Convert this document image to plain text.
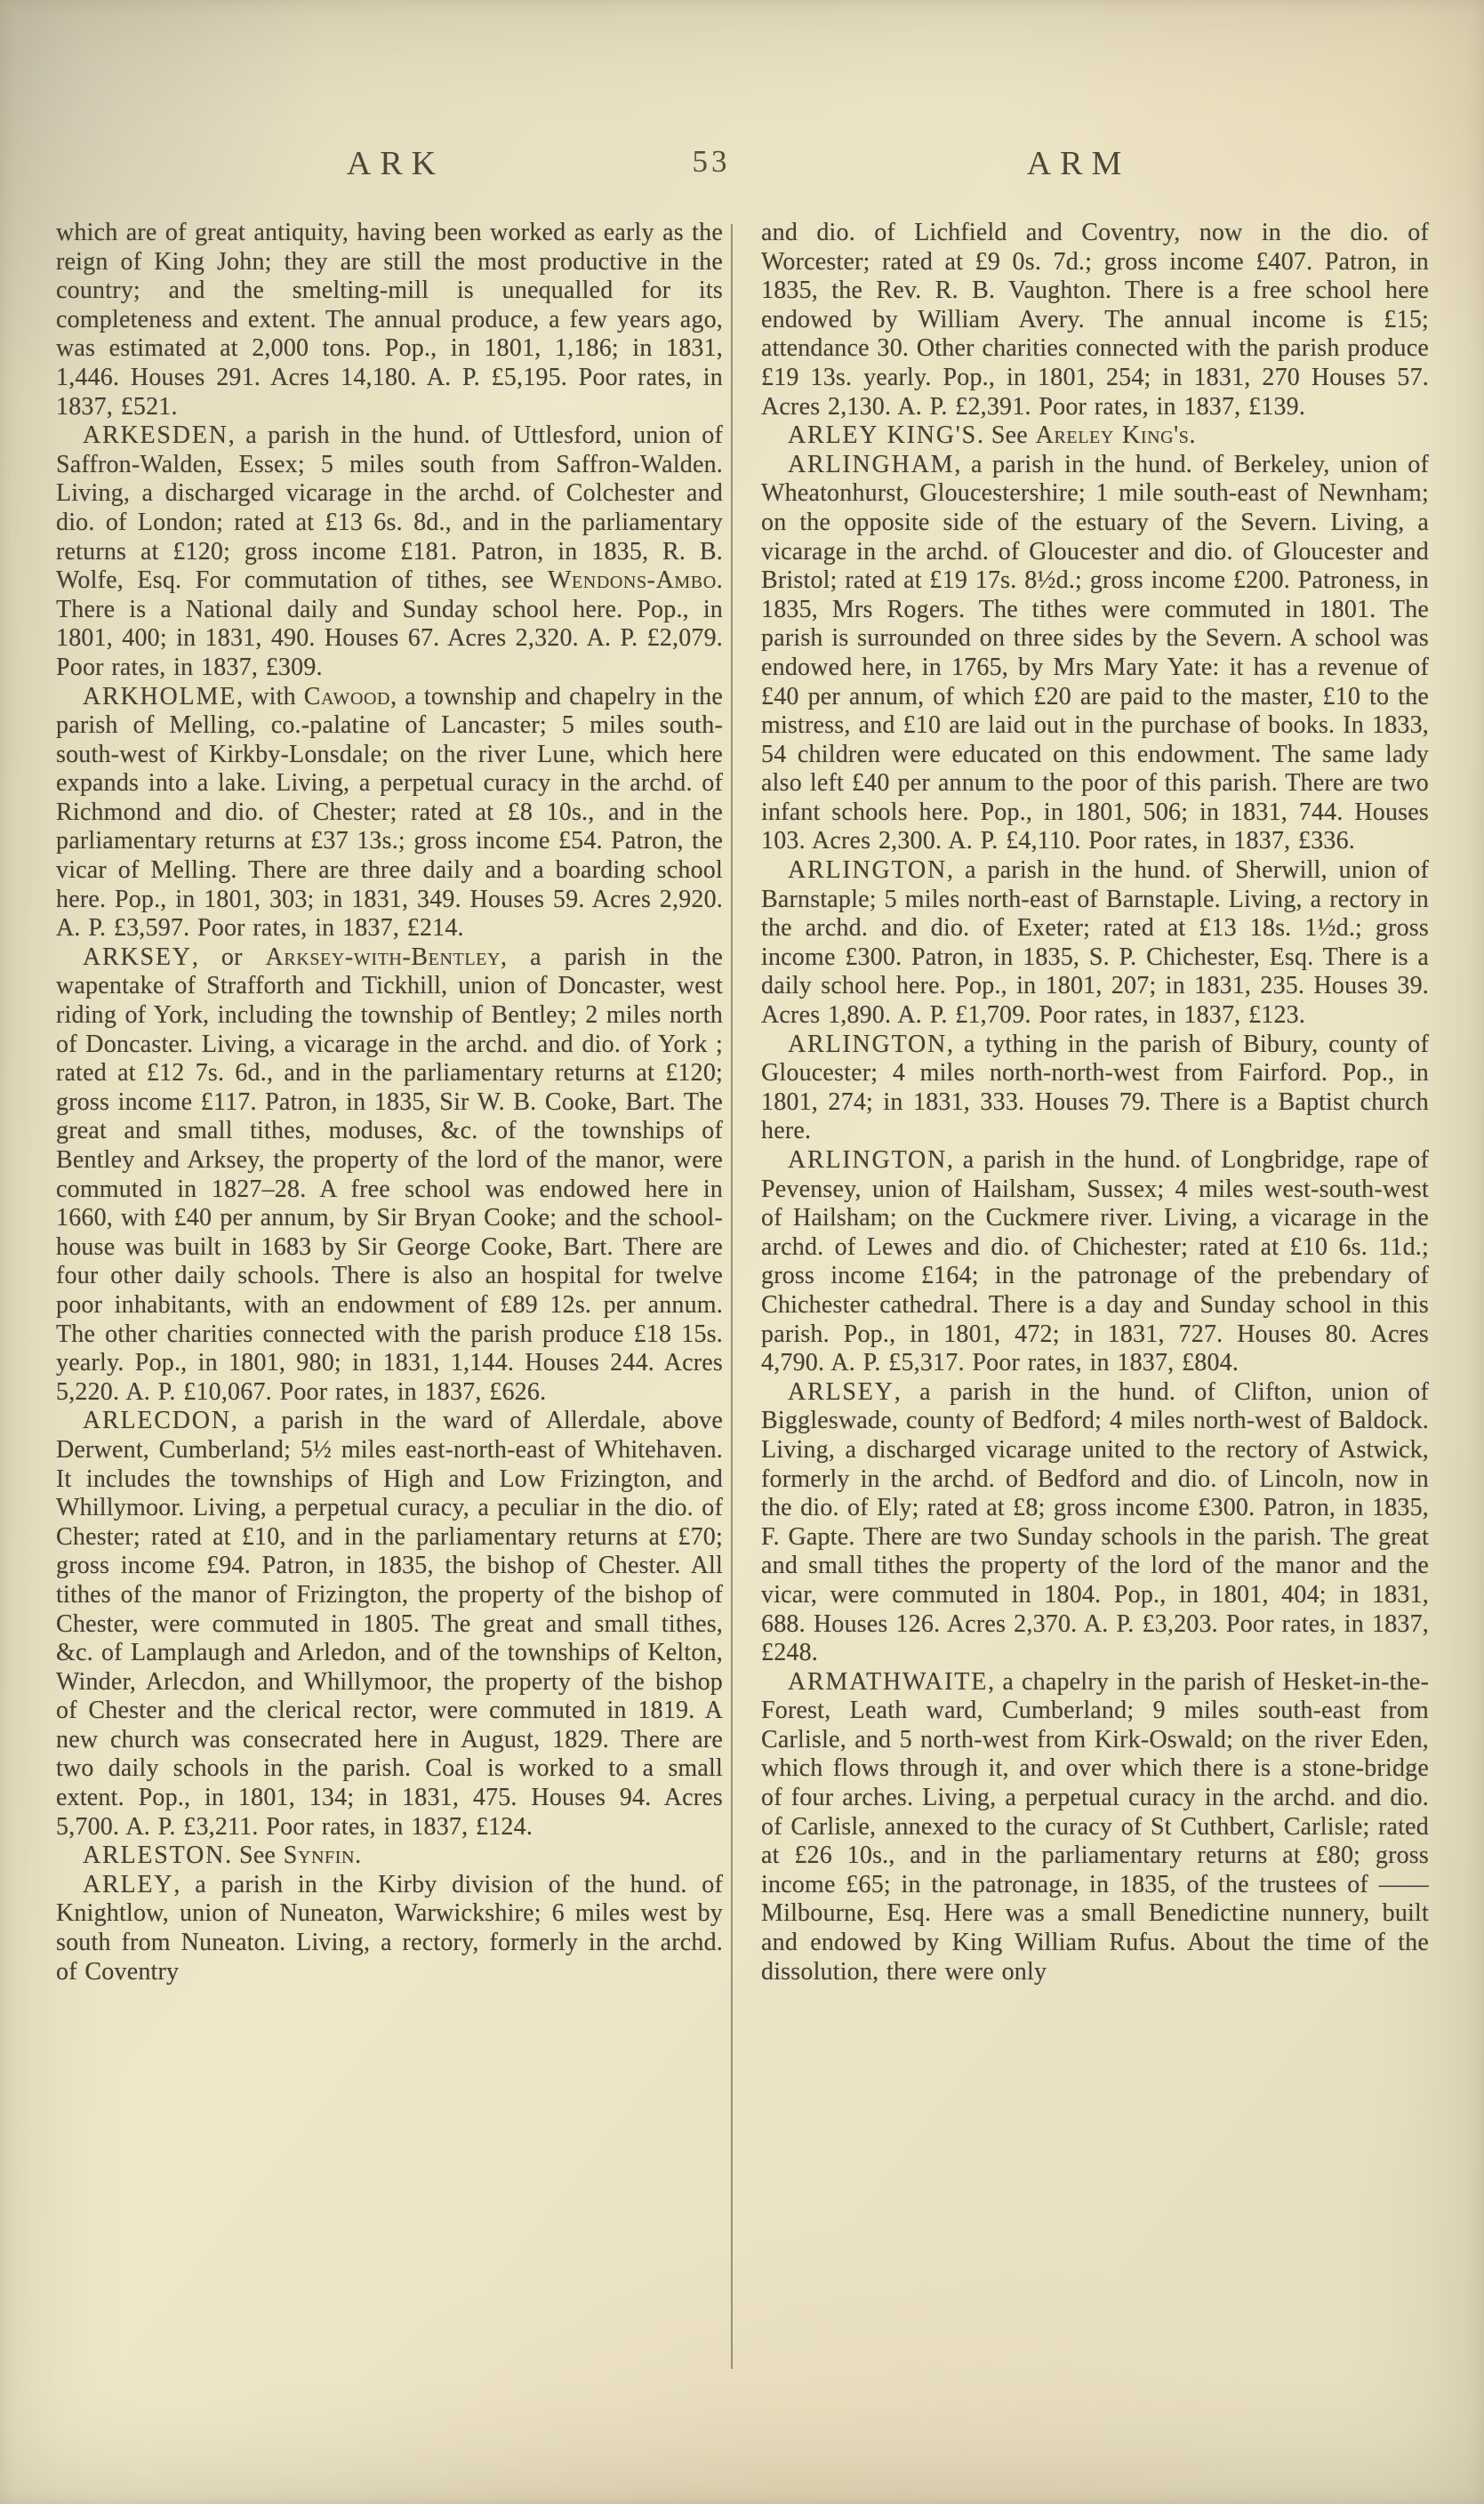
ARK	53	ARM

which are of great antiquity, having been worked as early as the reign of King John; they are still the most productive in the country; and the smelting-mill is unequalled for its completeness and extent. The annual produce, a few years ago, was estimated at 2,000 tons. Pop., in 1801, 1,186; in 1831, 1,446. Houses 291. Acres 14,180. A. P. £5,195. Poor rates, in 1837, £521.

ARKESDEN, a parish in the hund. of Uttlesford, union of Saffron-Walden, Essex; 5 miles south from Saffron-Walden. Living, a discharged vicarage in the archd. of Colchester and dio. of London; rated at £13 6s. 8d., and in the parliamentary returns at £120; gross income £181. Patron, in 1835, R. B. Wolfe, Esq. For commutation of tithes, see Wendons-Ambo. There is a National daily and Sunday school here. Pop., in 1801, 400; in 1831, 490. Houses 67. Acres 2,320. A. P. £2,079. Poor rates, in 1837, £309.

ARKHOLME, with Cawood, a township and chapelry in the parish of Melling, co.-palatine of Lancaster; 5 miles south-south-west of Kirkby-Lonsdale; on the river Lune, which here expands into a lake. Living, a perpetual curacy in the archd. of Richmond and dio. of Chester; rated at £8 10s., and in the parliamentary returns at £37 13s.; gross income £54. Patron, the vicar of Melling. There are three daily and a boarding school here. Pop., in 1801, 303; in 1831, 349. Houses 59. Acres 2,920. A. P. £3,597. Poor rates, in 1837, £214.

ARKSEY, or Arksey-with-Bentley, a parish in the wapentake of Strafforth and Tickhill, union of Doncaster, west riding of York, including the township of Bentley; 2 miles north of Doncaster. Living, a vicarage in the archd. and dio. of York ; rated at £12 7s. 6d., and in the parliamentary returns at £120; gross income £117. Patron, in 1835, Sir W. B. Cooke, Bart. The great and small tithes, moduses, &c. of the townships of Bentley and Arksey, the property of the lord of the manor, were commuted in 1827–28. A free school was endowed here in 1660, with £40 per annum, by Sir Bryan Cooke; and the school-house was built in 1683 by Sir George Cooke, Bart. There are four other daily schools. There is also an hospital for twelve poor inhabitants, with an endowment of £89 12s. per annum. The other charities connected with the parish produce £18 15s. yearly. Pop., in 1801, 980; in 1831, 1,144. Houses 244. Acres 5,220. A. P. £10,067. Poor rates, in 1837, £626.

ARLECDON, a parish in the ward of Allerdale, above Derwent, Cumberland; 5½ miles east-north-east of Whitehaven. It includes the townships of High and Low Frizington, and Whillymoor. Living, a perpetual curacy, a peculiar in the dio. of Chester; rated at £10, and in the parliamentary returns at £70; gross income £94. Patron, in 1835, the bishop of Chester. All tithes of the manor of Frizington, the property of the bishop of Chester, were commuted in 1805. The great and small tithes, &c. of Lamplaugh and Arledon, and of the townships of Kelton, Winder, Arlecdon, and Whillymoor, the property of the bishop of Chester and the clerical rector, were commuted in 1819. A new church was consecrated here in August, 1829. There are two daily schools in the parish. Coal is worked to a small extent. Pop., in 1801, 134; in 1831, 475. Houses 94. Acres 5,700. A. P. £3,211. Poor rates, in 1837, £124.

ARLESTON. See Synfin.

ARLEY, a parish in the Kirby division of the hund. of Knightlow, union of Nuneaton, Warwickshire; 6 miles west by south from Nuneaton. Living, a rectory, formerly in the archd. of Coventry

and dio. of Lichfield and Coventry, now in the dio. of Worcester; rated at £9 0s. 7d.; gross income £407. Patron, in 1835, the Rev. R. B. Vaughton. There is a free school here endowed by William Avery. The annual income is £15; attendance 30. Other charities connected with the parish produce £19 13s. yearly. Pop., in 1801, 254; in 1831, 270 Houses 57. Acres 2,130. A. P. £2,391. Poor rates, in 1837, £139.

ARLEY KING'S. See Areley King's.

ARLINGHAM, a parish in the hund. of Berkeley, union of Wheatonhurst, Gloucestershire; 1 mile south-east of Newnham; on the opposite side of the estuary of the Severn. Living, a vicarage in the archd. of Gloucester and dio. of Gloucester and Bristol; rated at £19 17s. 8½d.; gross income £200. Patroness, in 1835, Mrs Rogers. The tithes were commuted in 1801. The parish is surrounded on three sides by the Severn. A school was endowed here, in 1765, by Mrs Mary Yate: it has a revenue of £40 per annum, of which £20 are paid to the master, £10 to the mistress, and £10 are laid out in the purchase of books. In 1833, 54 children were educated on this endowment. The same lady also left £40 per annum to the poor of this parish. There are two infant schools here. Pop., in 1801, 506; in 1831, 744. Houses 103. Acres 2,300. A. P. £4,110. Poor rates, in 1837, £336.

ARLINGTON, a parish in the hund. of Sherwill, union of Barnstaple; 5 miles north-east of Barnstaple. Living, a rectory in the archd. and dio. of Exeter; rated at £13 18s. 1½d.; gross income £300. Patron, in 1835, S. P. Chichester, Esq. There is a daily school here. Pop., in 1801, 207; in 1831, 235. Houses 39. Acres 1,890. A. P. £1,709. Poor rates, in 1837, £123.

ARLINGTON, a tything in the parish of Bibury, county of Gloucester; 4 miles north-north-west from Fairford. Pop., in 1801, 274; in 1831, 333. Houses 79. There is a Baptist church here.

ARLINGTON, a parish in the hund. of Longbridge, rape of Pevensey, union of Hailsham, Sussex; 4 miles west-south-west of Hailsham; on the Cuckmere river. Living, a vicarage in the archd. of Lewes and dio. of Chichester; rated at £10 6s. 11d.; gross income £164; in the patronage of the prebendary of Chichester cathedral. There is a day and Sunday school in this parish. Pop., in 1801, 472; in 1831, 727. Houses 80. Acres 4,790. A. P. £5,317. Poor rates, in 1837, £804.

ARLSEY, a parish in the hund. of Clifton, union of Biggleswade, county of Bedford; 4 miles north-west of Baldock. Living, a discharged vicarage united to the rectory of Astwick, formerly in the archd. of Bedford and dio. of Lincoln, now in the dio. of Ely; rated at £8; gross income £300. Patron, in 1835, F. Gapte. There are two Sunday schools in the parish. The great and small tithes the property of the lord of the manor and the vicar, were commuted in 1804. Pop., in 1801, 404; in 1831, 688. Houses 126. Acres 2,370. A. P. £3,203. Poor rates, in 1837, £248.

ARMATHWAITE, a chapelry in the parish of Hesket-in-the-Forest, Leath ward, Cumberland; 9 miles south-east from Carlisle, and 5 north-west from Kirk-Oswald; on the river Eden, which flows through it, and over which there is a stone-bridge of four arches. Living, a perpetual curacy in the archd. and dio. of Carlisle, annexed to the curacy of St Cuthbert, Carlisle; rated at £26 10s., and in the parliamentary returns at £80; gross income £65; in the patronage, in 1835, of the trustees of —— Milbourne, Esq. Here was a small Benedictine nunnery, built and endowed by King William Rufus. About the time of the dissolution, there were only
